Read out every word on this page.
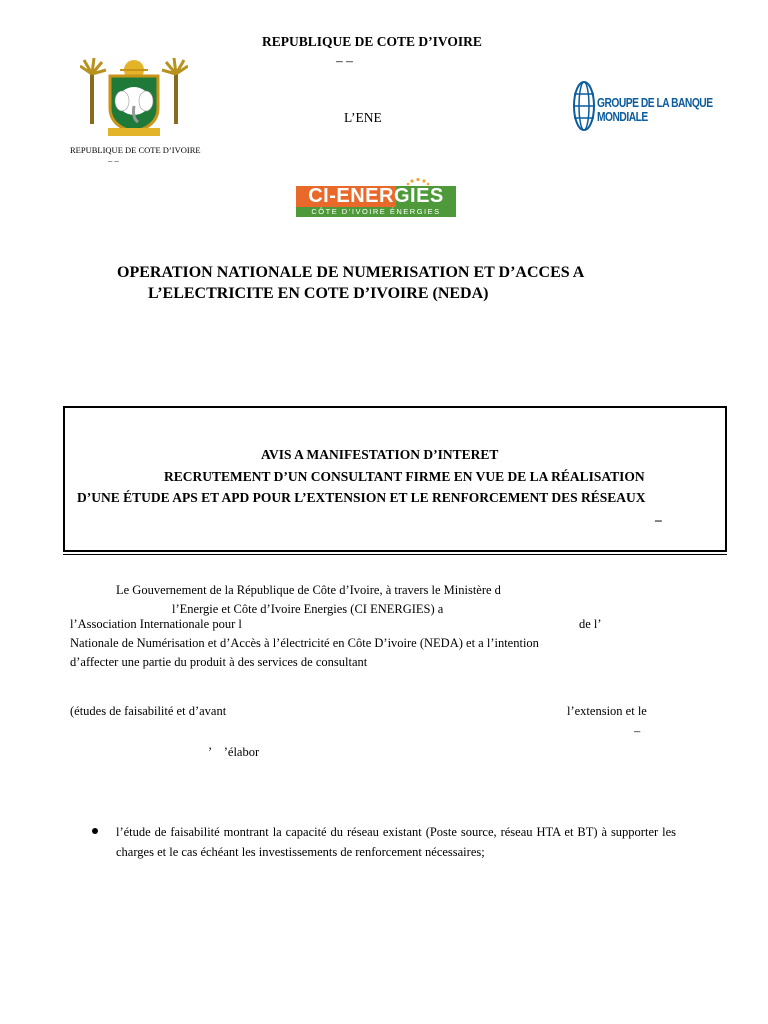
REPUBLIQUE DE COTE D’IVOIRE
– –
L’ENE
REPUBLIQUE DE COTE D’IVOIRE
– –
GROUPE DE LA BANQUE MONDIALE
CI-ENERGIES
CÔTE D’IVOIRE ÉNERGIES
OPERATION NATIONALE DE NUMERISATION ET D’ACCES A
L’ELECTRICITE EN COTE D’IVOIRE (NEDA)
AVIS A MANIFESTATION D’INTERET
RECRUTEMENT D’UN CONSULTANT FIRME EN VUE DE LA RÉALISATION
D’UNE ÉTUDE APS ET APD POUR L’EXTENSION ET LE RENFORCEMENT DES RÉSEAUX
–
Le Gouvernement de la République de Côte d’Ivoire, à travers le Ministère d
l’Energie et Côte d’Ivoire Energies (CI ENERGIES) a
l’Association Internationale pour l	de l’
Nationale de Numérisation et d’Accès à l’électricité en Côte D’ivoire (NEDA) et a l’intention
d’affecter une partie du produit à des services de consultant
(études de faisabilité et d’avant	l’extension et le
–
’    ’élabor
l’étude de faisabilité montrant la capacité du réseau existant (Poste source, réseau HTA et BT) à supporter les charges et le cas échéant les investissements de renforcement nécessaires;
